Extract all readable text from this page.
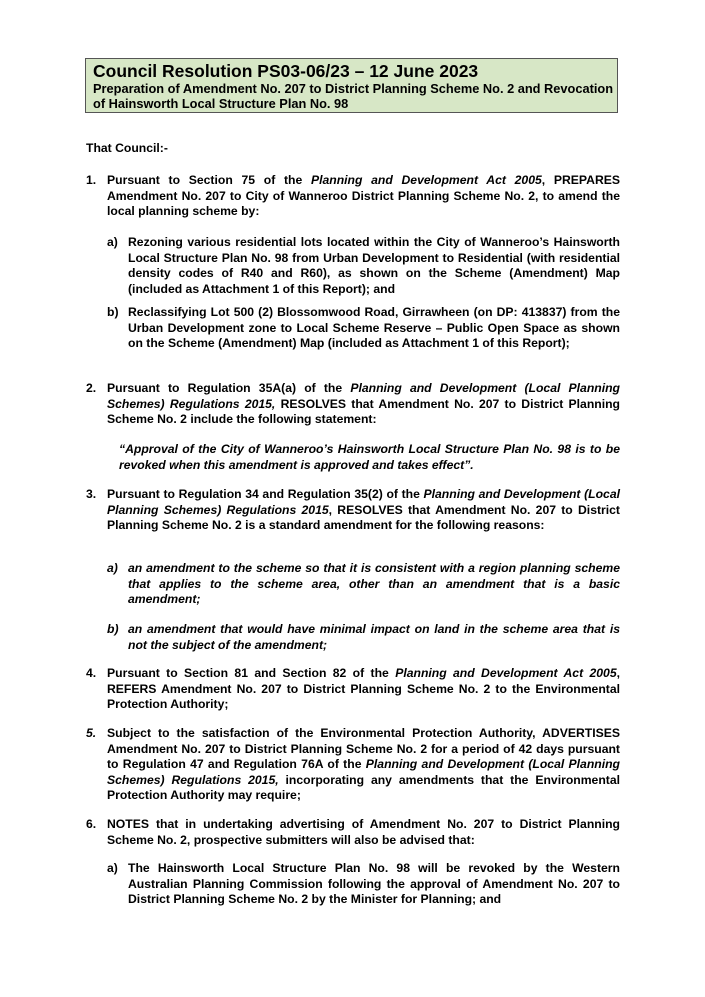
Council Resolution PS03-06/23 – 12 June 2023
Preparation of Amendment No. 207 to District Planning Scheme No. 2 and Revocation of Hainsworth Local Structure Plan No. 98
That Council:-
1. Pursuant to Section 75 of the Planning and Development Act 2005, PREPARES Amendment No. 207 to City of Wanneroo District Planning Scheme No. 2, to amend the local planning scheme by:
a) Rezoning various residential lots located within the City of Wanneroo’s Hainsworth Local Structure Plan No. 98 from Urban Development to Residential (with residential density codes of R40 and R60), as shown on the Scheme (Amendment) Map (included as Attachment 1 of this Report); and
b) Reclassifying Lot 500 (2) Blossomwood Road, Girrawheen (on DP: 413837) from the Urban Development zone to Local Scheme Reserve – Public Open Space as shown on the Scheme (Amendment) Map (included as Attachment 1 of this Report);
2. Pursuant to Regulation 35A(a) of the Planning and Development (Local Planning Schemes) Regulations 2015, RESOLVES that Amendment No. 207 to District Planning Scheme No. 2 include the following statement:
“Approval of the City of Wanneroo’s Hainsworth Local Structure Plan No. 98 is to be revoked when this amendment is approved and takes effect”.
3. Pursuant to Regulation 34 and Regulation 35(2) of the Planning and Development (Local Planning Schemes) Regulations 2015, RESOLVES that Amendment No. 207 to District Planning Scheme No. 2 is a standard amendment for the following reasons:
a) an amendment to the scheme so that it is consistent with a region planning scheme that applies to the scheme area, other than an amendment that is a basic amendment;
b) an amendment that would have minimal impact on land in the scheme area that is not the subject of the amendment;
4. Pursuant to Section 81 and Section 82 of the Planning and Development Act 2005, REFERS Amendment No. 207 to District Planning Scheme No. 2 to the Environmental Protection Authority;
5. Subject to the satisfaction of the Environmental Protection Authority, ADVERTISES Amendment No. 207 to District Planning Scheme No. 2 for a period of 42 days pursuant to Regulation 47 and Regulation 76A of the Planning and Development (Local Planning Schemes) Regulations 2015, incorporating any amendments that the Environmental Protection Authority may require;
6. NOTES that in undertaking advertising of Amendment No. 207 to District Planning Scheme No. 2, prospective submitters will also be advised that:
a) The Hainsworth Local Structure Plan No. 98 will be revoked by the Western Australian Planning Commission following the approval of Amendment No. 207 to District Planning Scheme No. 2 by the Minister for Planning; and
